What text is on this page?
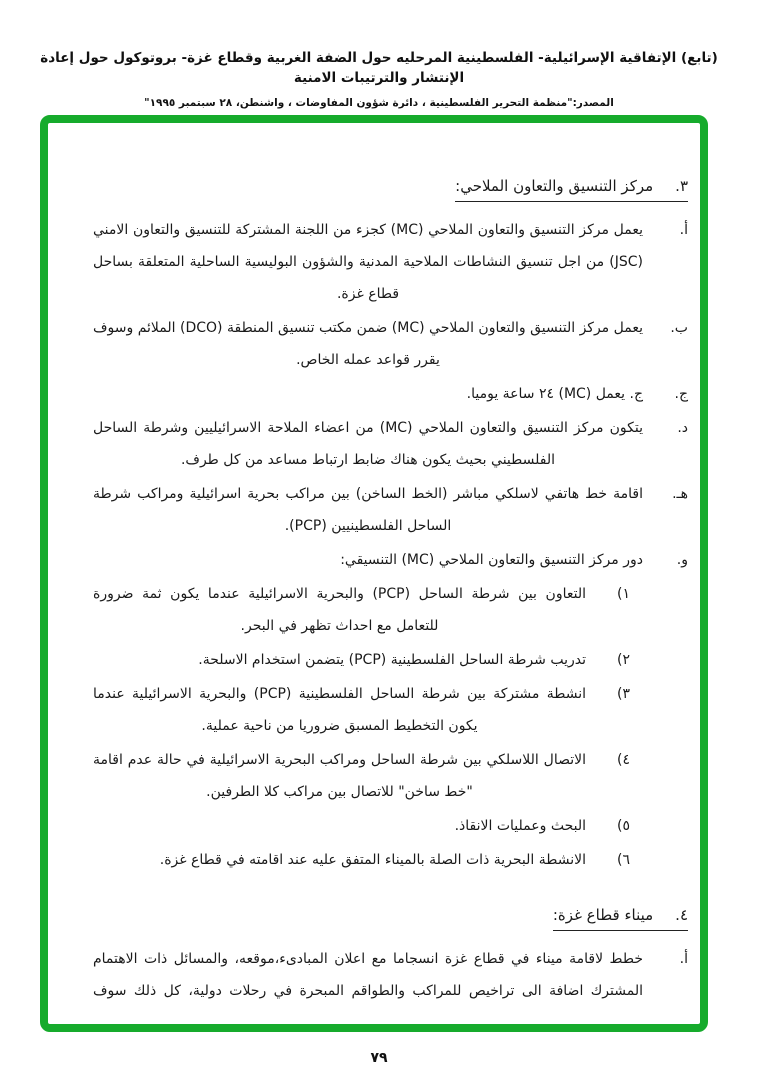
(تابع) الإتفاقية الإسرائيلية- الفلسطينية المرحليه حول الضفة الغربية وقطاع غزة- بروتوكول حول إعادة الإنتشار والترتيبات الامنية
المصدر:"منظمة التحرير الفلسطينية ، دائرة شؤون المفاوضات ، واشنطن، ٢٨ سبتمبر ١٩٩٥"
٣.مركز التنسيق والتعاون الملاحي:
أ.

يعمل مركز التنسيق والتعاون الملاحي (MC) كجزء من اللجنة المشتركة للتنسيق والتعاون الامني (JSC) من اجل تنسيق النشاطات الملاحية المدنية والشؤون البوليسية الساحلية المتعلقة بساحل قطاع غزة.

ب.

يعمل مركز التنسيق والتعاون الملاحي (MC) ضمن مكتب تنسيق المنطقة (DCO) الملائم وسوف يقرر قواعد عمله الخاص.

ج.

ج. يعمل (MC) ٢٤ ساعة يوميا.

د.

يتكون مركز التنسيق والتعاون الملاحي (MC) من اعضاء الملاحة الاسرائيليين وشرطة الساحل الفلسطيني بحيث يكون هناك ضابط ارتباط مساعد من كل طرف.

هـ.

اقامة خط هاتفي لاسلكي مباشر (الخط الساخن) بين مراكب بحرية اسرائيلية ومراكب شرطة الساحل الفلسطينيين (PCP).

و.

دور مركز التنسيق والتعاون الملاحي (MC) التنسيقي:

١)

التعاون بين شرطة الساحل (PCP) والبحرية الاسرائيلية عندما يكون ثمة ضرورة للتعامل مع احداث تظهر في البحر.

٢)

تدريب شرطة الساحل الفلسطينية (PCP) يتضمن استخدام الاسلحة.

٣)

انشطة مشتركة بين شرطة الساحل الفلسطينية (PCP) والبحرية الاسرائيلية عندما يكون التخطيط المسبق ضروريا من ناحية عملية.

٤)

الاتصال اللاسلكي بين شرطة الساحل ومراكب البحرية الاسرائيلية في حالة عدم اقامة "خط ساخن" للاتصال بين مراكب كلا الطرفين.

٥)

البحث وعمليات الانقاذ.

٦)

الانشطة البحرية ذات الصلة بالميناء المتفق عليه عند اقامته في قطاع غزة.

٤.ميناء قطاع غزة:
أ.

خطط لاقامة ميناء في قطاع غزة انسجاما مع اعلان المبادىء،موقعه، والمسائل ذات الاهتمام المشترك اضافة الى تراخيص للمراكب والطواقم المبحرة في رحلات دولية، كل ذلك سوف

٧٩
